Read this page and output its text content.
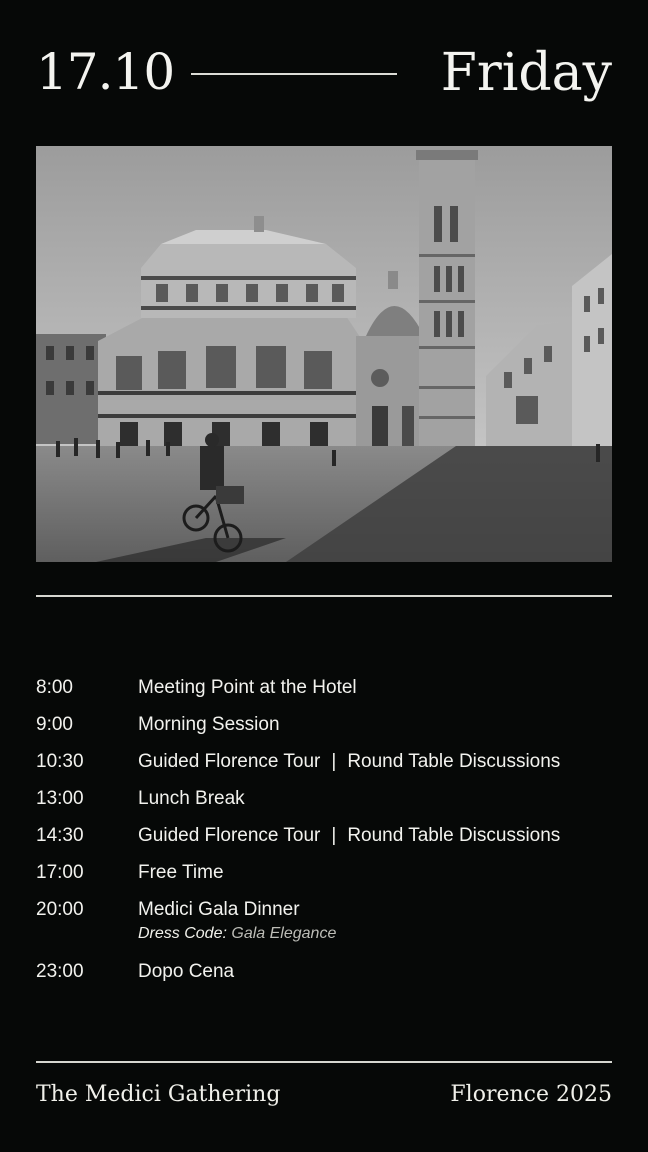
17.10	Friday
8:00	Meeting Point at the Hotel
9:00	Morning Session
10:30	Guided Florence Tour | Round Table Discussions
13:00	Lunch Break
14:30	Guided Florence Tour | Round Table Discussions
17:00	Free Time
20:00	Medici Gala Dinner
Dress Code: Gala Elegance
23:00	Dopo Cena
The Medici Gathering	Florence 2025
